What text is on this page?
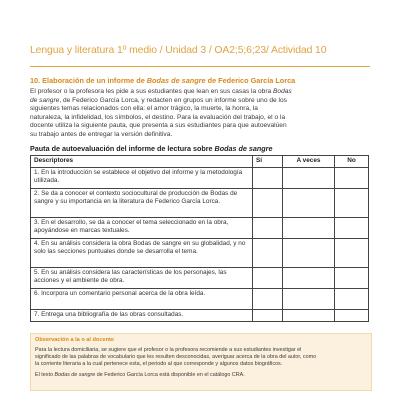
Lengua y literatura 1º medio / Unidad 3 / OA2;5;6;23/ Actividad 10
10. Elaboración de un informe de Bodas de sangre de Federico García Lorca
El profesor o la profesora les pide a sus estudiantes que lean en sus casas la obra Bodas
de sangre, de Federico García Lorca, y redacten en grupos un informe sobre uno de los
siguientes temas relacionados con ella: el amor trágico, la muerte, la honra, la
naturaleza, la infidelidad, los símbolos, el destino. Para la evaluación del trabajo, el o la
docente utiliza la siguiente pauta, que presenta a sus estudiantes para que autoevalúen
su trabajo antes de entregar la versión definitiva.
Pauta de autoevaluación del informe de lectura sobre Bodas de sangre
Descriptores	Sí	A veces	No
1. En la introducción se establece el objetivo del informe y la metodología utilizada.			
2. Se da a conocer el contexto sociocultural de producción de Bodas de sangre y su importancia en la literatura de Federico García Lorca.			
3. En el desarrollo, se da a conocer el tema seleccionado en la obra, apoyándose en marcas textuales.			
4. En su análisis considera la obra Bodas de sangre en su globalidad, y no solo las secciones puntuales donde se desarrolla el tema.			
5. En su análisis considera las características de los personajes, las acciones y el ambiente de obra.			
6. Incorpora un comentario personal acerca de la obra leída.			
7. Entrega una bibliografía de las obras consultadas.			
Observación a la o al docente
Para la lectura domiciliaria, se sugiere que el profesor o la profesora recomiende a sus estudiantes investigar el
significado de las palabras de vocabulario que les resulten desconocidas, averiguar acerca de la obra del autor, como
la corriente literaria a la cual pertenece esta, el periodo al que corresponde y algunos datos biográficos.
El texto Bodas de sangre de Federico García Lorca está disponible en el catálogo CRA.
